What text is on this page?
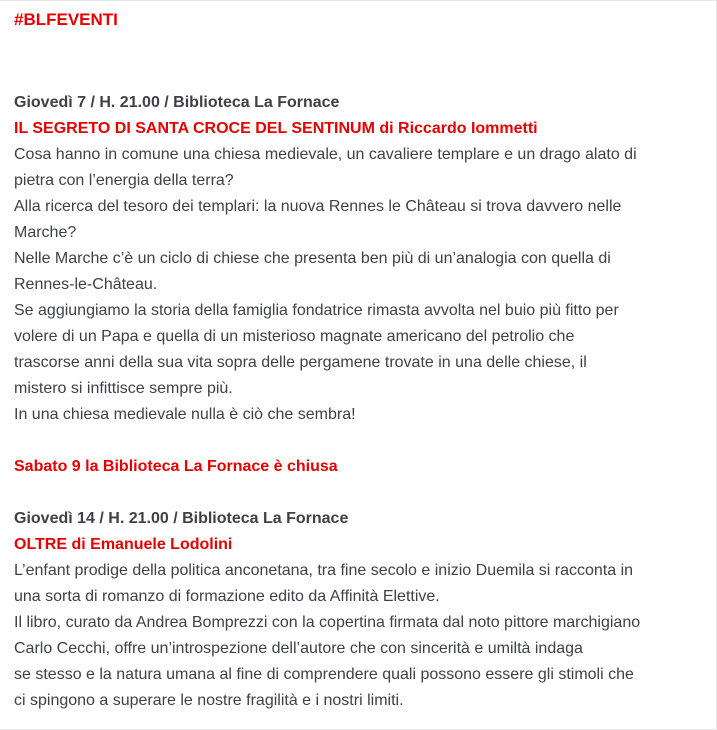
#BLFEVENTI

Giovedì 7 / H. 21.00 / Biblioteca La Fornace
IL SEGRETO DI SANTA CROCE DEL SENTINUM di Riccardo Iommetti
Cosa hanno in comune una chiesa medievale, un cavaliere templare e un drago alato di
pietra con l’energia della terra?
Alla ricerca del tesoro dei templari: la nuova Rennes le Château si trova davvero nelle
Marche?
Nelle Marche c’è un ciclo di chiese che presenta ben più di un’analogia con quella di
Rennes-le-Château.
Se aggiungiamo la storia della famiglia fondatrice rimasta avvolta nel buio più fitto per
volere di un Papa e quella di un misterioso magnate americano del petrolio che
trascorse anni della sua vita sopra delle pergamene trovate in una delle chiese, il
mistero si infittisce sempre più.
In una chiesa medievale nulla è ciò che sembra!
Sabato 9 la Biblioteca La Fornace è chiusa
Giovedì 14 / H. 21.00 / Biblioteca La Fornace
OLTRE di Emanuele Lodolini
L’enfant prodige della politica anconetana, tra fine secolo e inizio Duemila si racconta in
una sorta di romanzo di formazione edito da Affinità Elettive.
Il libro, curato da Andrea Bomprezzi con la copertina firmata dal noto pittore marchigiano
Carlo Cecchi, offre un’introspezione dell’autore che con sincerità e umiltà indaga
se stesso e la natura umana al fine di comprendere quali possono essere gli stimoli che
ci spingono a superare le nostre fragilità e i nostri limiti.
